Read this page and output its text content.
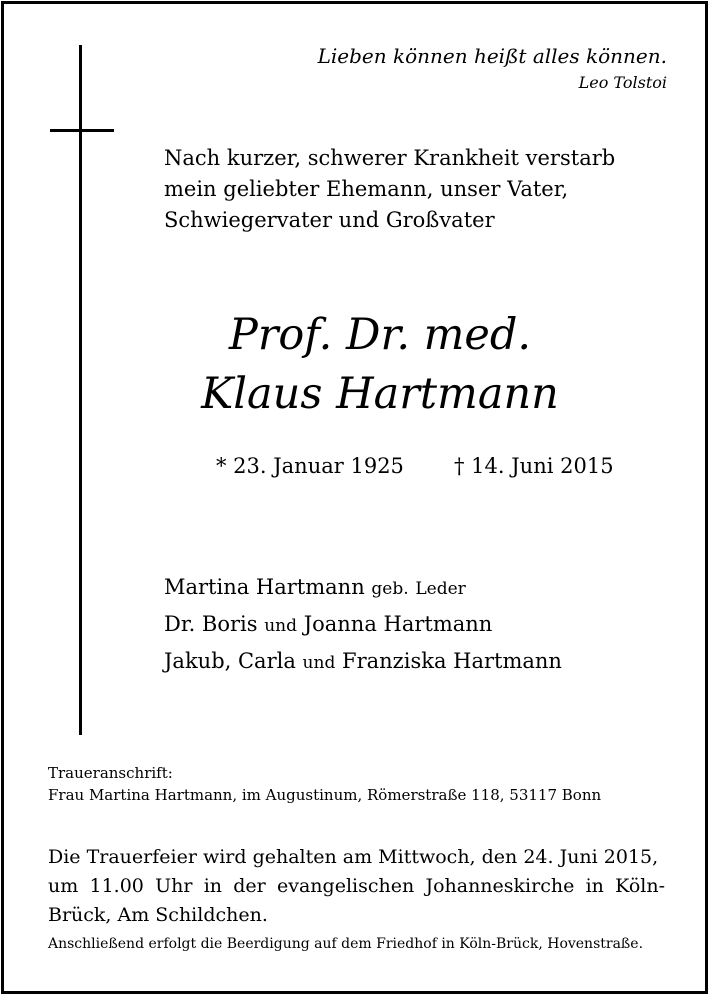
Lieben können heißt alles können.
Leo Tolstoi
Nach kurzer, schwerer Krankheit verstarb
mein geliebter Ehemann, unser Vater,
Schwiegervater und Großvater
Prof. Dr. med.
Klaus Hartmann
* 23. Januar 1925 † 14. Juni 2015
Martina Hartmann geb. Leder
Dr. Boris und Joanna Hartmann
Jakub, Carla und Franziska Hartmann
Traueranschrift:
Frau Martina Hartmann, im Augustinum, Römerstraße 118, 53117 Bonn
Die Trauerfeier wird gehalten am Mittwoch, den 24. Juni 2015,
um 11.00 Uhr in der evangelischen Johanneskirche in Köln-
Brück, Am Schildchen.
Anschließend erfolgt die Beerdigung auf dem Friedhof in Köln-Brück, Hovenstraße.
